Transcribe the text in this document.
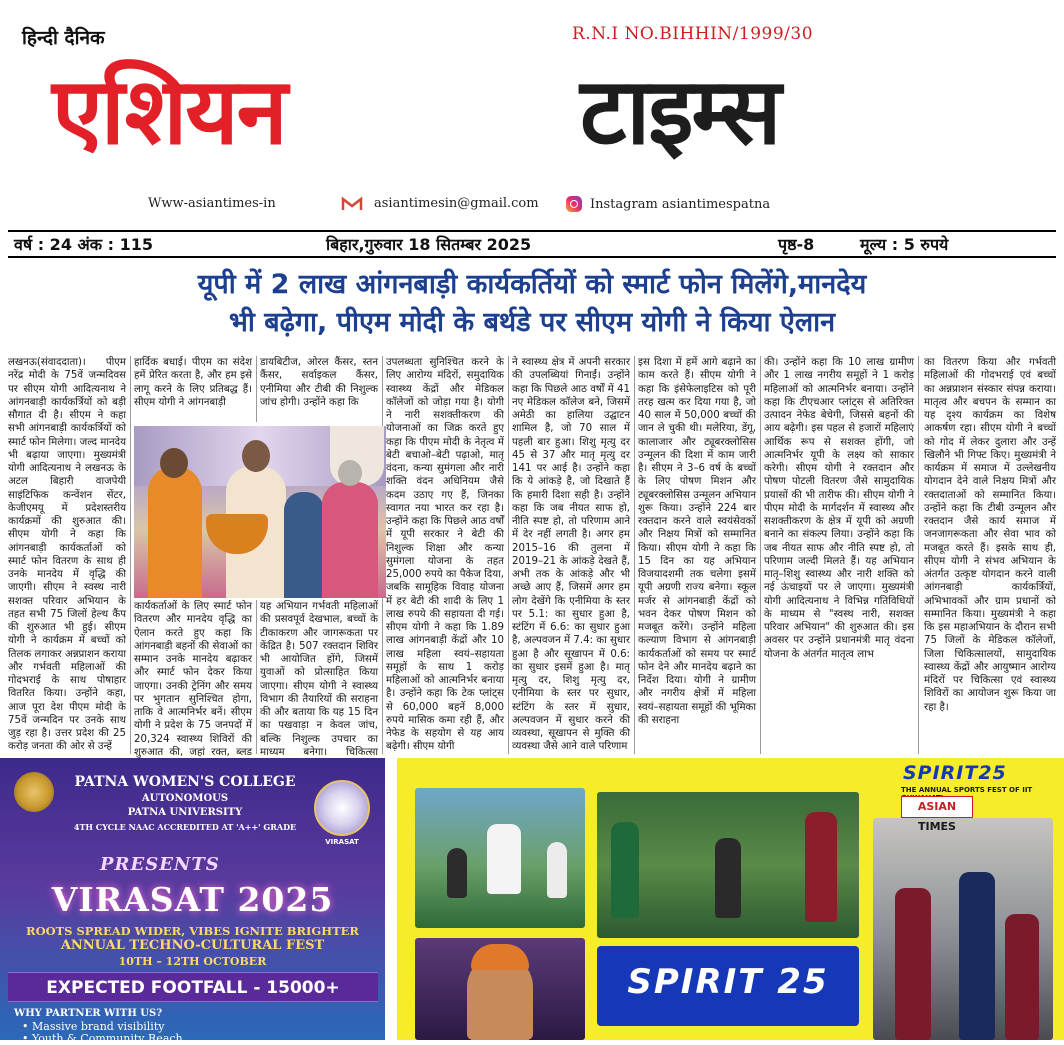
हिन्दी दैनिक	R.N.I NO.BIHHIN/1999/30
एशियन	टाइम्स
Www-asiantimes-in	asiantimesin@gmail.com	Instagram asiantimespatna
वर्ष : 24 अंक : 115	बिहार,गुरुवार 18 सितम्बर 2025	पृष्ठ-8	मूल्य : 5 रुपये
यूपी में 2 लाख आंगनबाड़ी कार्यकर्तियों को स्मार्ट फोन मिलेंगे,मानदेय
भी बढ़ेगा, पीएम मोदी के बर्थडे पर सीएम योगी ने किया ऐलान
लखनऊ(संवाददाता)। पीएम नरेंद्र मोदी के 75वें जन्मदिवस पर सीएम योगी आदित्यनाथ ने आंगनबाड़ी कार्यकर्त्रियों को बड़ी सौगात दी है। सीएम ने कहा सभी आंगनबाड़ी कार्यकर्त्रियों को स्मार्ट फोन मिलेगा। जल्द मानदेय भी बढ़ाया जाएगा। मुख्यमंत्री योगी आदित्यनाथ ने लखनऊ के अटल बिहारी वाजपेयी साइंटिफिक कन्वेंशन सेंटर, केजीएमयू में प्रदेशस्तरीय कार्यक्रमों की शुरुआत की। सीएम योगी ने कहा कि आंगनबाड़ी कार्यकर्ताओं को स्मार्ट फोन वितरण के साथ ही उनके मानदेय में वृद्धि की जाएगी। सीएम ने स्वस्थ नारी सशक्त परिवार अभियान के तहत सभी 75 जिलों हेल्थ कैंप की शुरुआत भी हुई। सीएम योगी ने कार्यक्रम में बच्चों को तिलक लगाकर अन्नप्राशन कराया और गर्भवती महिलाओं की गोदभराई के साथ पोषाहार वितरित किया। उन्होंने कहा, आज पूरा देश पीएम मोदी के 75वें जन्मदिन पर उनके साथ जुड़ रहा है। उत्तर प्रदेश की 25 करोड़ जनता की ओर से उन्हें
हार्दिक बधाई। पीएम का संदेश हमें प्रेरित करता है, और हम इसे लागू करने के लिए प्रतिबद्ध हैं। सीएम योगी ने आंगनबाड़ी
कार्यकर्ताओं के लिए स्मार्ट फोन वितरण और मानदेय वृद्धि का ऐलान करते हुए कहा कि आंगनबाड़ी बहनों की सेवाओं का सम्मान उनके मानदेय बढ़ाकर और स्मार्ट फोन देकर किया जाएगा। उनकी ट्रेनिंग और समय पर भुगतान सुनिश्चित होगा, ताकि वे आत्मनिर्भर बनें। सीएम योगी ने प्रदेश के 75 जनपदों में 20,324 स्वास्थ्य शिविरों की शुरुआत की, जहां रक्त, ब्लड
डायबिटीज, ओरल कैंसर, स्तन कैंसर, सर्वाइकल कैंसर, एनीमिया और टीबी की निशुल्क जांच होगी। उन्होंने कहा कि
यह अभियान गर्भवती महिलाओं की प्रसवपूर्व देखभाल, बच्चों के टीकाकरण और जागरूकता पर केंद्रित है। 507 रक्तदान शिविर भी आयोजित होंगे, जिसमें युवाओं को प्रोत्साहित किया जाएगा। सीएम योगी ने स्वास्थ्य विभाग की तैयारियों की सराहना की और बताया कि यह 15 दिन का पखवाड़ा न केवल जांच, बल्कि निशुल्क उपचार का माध्यम बनेगा। चिकित्सा
उपलब्धता सुनिश्चित करने के लिए आरोग्य मंदिरों, समुदायिक स्वास्थ्य केंद्रों और मेडिकल कॉलेजों को जोड़ा गया है। योगी ने नारी सशक्तीकरण की योजनाओं का जिक्र करते हुए कहा कि पीएम मोदी के नेतृत्व में बेटी बचाओ–बेटी पढ़ाओ, मातृ वंदना, कन्या सुमंगला और नारी शक्ति वंदन अधिनियम जैसे कदम उठाए गए हैं, जिनका स्वागत नया भारत कर रहा है। उन्होंने कहा कि पिछले आठ वर्षों में यूपी सरकार ने बेटी की निशुल्क शिक्षा और कन्या सुमंगला योजना के तहत 25,000 रुपये का पैकेज दिया, जबकि सामूहिक विवाह योजना में हर बेटी की शादी के लिए 1 लाख रुपये की सहायता दी गई। सीएम योगी ने कहा कि 1.89 लाख आंगनबाड़ी केंद्रों और 10 लाख महिला स्वयं–सहायता समूहों के साथ 1 करोड़ महिलाओं को आत्मनिर्भर बनाया है। उन्होंने कहा कि टेक प्लांट्स से 60,000 बहनें 8,000 रुपये मासिक कमा रही हैं, और नेफेड के सहयोग से यह आय बढ़ेगी। सीएम योगी
ने स्वास्थ्य क्षेत्र में अपनी सरकार की उपलब्धियां गिनाईं। उन्होंने कहा कि पिछले आठ वर्षों में 41 नए मेडिकल कॉलेज बने, जिसमें अमेठी का हालिया उद्घाटन शामिल है, जो 70 साल में पहली बार हुआ। शिशु मृत्यु दर 45 से 37 और मातृ मृत्यु दर 141 पर आई है। उन्होंने कहा कि ये आंकड़े है, जो दिखाते हैं कि हमारी दिशा सही है। उन्होंने कहा कि जब नीयत साफ हो, नीति स्पष्ट हो, तो परिणाम आने में देर नहीं लगती है। अगर हम 2015–16 की तुलना में 2019–21 के आंकड़े देखते हैं, अभी तक के आंकड़े और भी अच्छे आए हैं, जिसमें अगर हम लोग देखेंगे कि एनीमिया के स्तर पर 5.1: का सुधार हुआ है, स्टंटिंग में 6.6: का सुधार हुआ है, अल्पवजन में 7.4: का सुधार हुआ है और सूखापन में 0.6: का सुधार इसमें हुआ है। मातृ मृत्यु दर, शिशु मृत्यु दर, एनीमिया के स्तर पर सुधार, स्टंटिंग के स्तर में सुधार, अल्पवजन में सुधार करने की व्यवस्था, सूखापन से मुक्ति की व्यवस्था जैसे आने वाले परिणाम
इस दिशा में हमें आगे बढ़ाने का काम करते हैं। सीएम योगी ने कहा कि इंसेफेलाइटिस को पूरी तरह खत्म कर दिया गया है, जो 40 साल में 50,000 बच्चों की जान ले चुकी थी। मलेरिया, डेंगू, कालाजार और ट्यूबरक्लोसिस उन्मूलन की दिशा में काम जारी है। सीएम ने 3–6 वर्ष के बच्चों के लिए पोषण मिशन और ट्यूबरक्लोसिस उन्मूलन अभियान शुरू किया। उन्होंने 224 बार रक्तदान करने वाले स्वयंसेवकों और निक्षय मित्रों को सम्मानित किया। सीएम योगी ने कहा कि 15 दिन का यह अभियान विजयादशमी तक चलेगा इसमें यूपी अग्रणी राज्य बनेगा। स्कूल मर्जर से आंगनबाड़ी केंद्रों को भवन देकर पोषण मिशन को मजबूत करेंगे। उन्होंने महिला कल्याण विभाग से आंगनबाड़ी कार्यकर्ताओं को समय पर स्मार्ट फोन देने और मानदेय बढ़ाने का निर्देश दिया। योगी ने ग्रामीण और नगरीय क्षेत्रों में महिला स्वयं–सहायता समूहों की भूमिका की सराहना
की। उन्होंने कहा कि 10 लाख ग्रामीण और 1 लाख नगरीय समूहों ने 1 करोड़ महिलाओं को आत्मनिर्भर बनाया। उन्होंने कहा कि टीएचआर प्लांट्स से अतिरिक्त उत्पादन नेफेड बेचेगी, जिससे बहनों की आय बढ़ेगी। इस पहल से हजारों महिलाएं आर्थिक रूप से सशक्त होंगी, जो आत्मनिर्भर यूपी के लक्ष्य को साकार करेगी। सीएम योगी ने रक्तदान और पोषण पोटली वितरण जैसे सामुदायिक प्रयासों की भी तारीफ की। सीएम योगी ने पीएम मोदी के मार्गदर्शन में स्वास्थ्य और सशक्तीकरण के क्षेत्र में यूपी को अग्रणी बनाने का संकल्प लिया। उन्होंने कहा कि जब नीयत साफ और नीति स्पष्ट हो, तो परिणाम जल्दी मिलते हैं। यह अभियान मातृ–शिशु स्वास्थ्य और नारी शक्ति को नई ऊंचाइयों पर ले जाएगा। मुख्यमंत्री योगी आदित्यनाथ ने विभिन्न गतिविधियों के माध्यम से "स्वस्थ नारी, सशक्त परिवार अभियान" की शुरुआत की। इस अवसर पर उन्होंने प्रधानमंत्री मातृ वंदना योजना के अंतर्गत मातृत्व लाभ
का वितरण किया और गर्भवती महिलाओं की गोदभराई एवं बच्चों का अन्नप्राशन संस्कार संपन्न कराया। मातृत्व और बचपन के सम्मान का यह दृश्य कार्यक्रम का विशेष आकर्षण रहा। सीएम योगी ने बच्चों को गोद में लेकर दुलारा और उन्हें खिलौने भी गिफ्ट किए। मुख्यमंत्री ने कार्यक्रम में समाज में उल्लेखनीय योगदान देने वाले निक्षय मित्रों और रक्तदाताओं को सम्मानित किया। उन्होंने कहा कि टीबी उन्मूलन और रक्तदान जैसे कार्य समाज में जनजागरूकता और सेवा भाव को मजबूत करते हैं। इसके साथ ही, सीएम योगी ने संभव अभियान के अंतर्गत उत्कृष्ट योगदान करने वाली आंगनबाड़ी कार्यकर्त्रियों, अभिभावकों और ग्राम प्रधानों को सम्मानित किया। मुख्यमंत्री ने कहा कि इस महाअभियान के दौरान सभी 75 जिलों के मेडिकल कॉलेजों, जिला चिकित्सालयों, सामुदायिक स्वास्थ्य केंद्रों और आयुष्मान आरोग्य मंदिरों पर चिकित्सा एवं स्वास्थ्य शिविरों का आयोजन शुरू किया जा रहा है।
VIRASAT
PATNA WOMEN'S COLLEGE
AUTONOMOUS
PATNA UNIVERSITY
4TH CYCLE NAAC ACCREDITED AT 'A++' GRADE
PRESENTS
VIRASAT 2025
ROOTS SPREAD WIDER, VIBES IGNITE BRIGHTER
ANNUAL TECHNO-CULTURAL FEST
10TH – 12TH OCTOBER
EXPECTED FOOTFALL - 15000+
WHY PARTNER WITH US?
• Massive brand visibility
• Youth & Community Reach
SPIRIT 25
SPIRIT25
THE ANNUAL SPORTS FEST OF IIT
ASIAN TIMES
